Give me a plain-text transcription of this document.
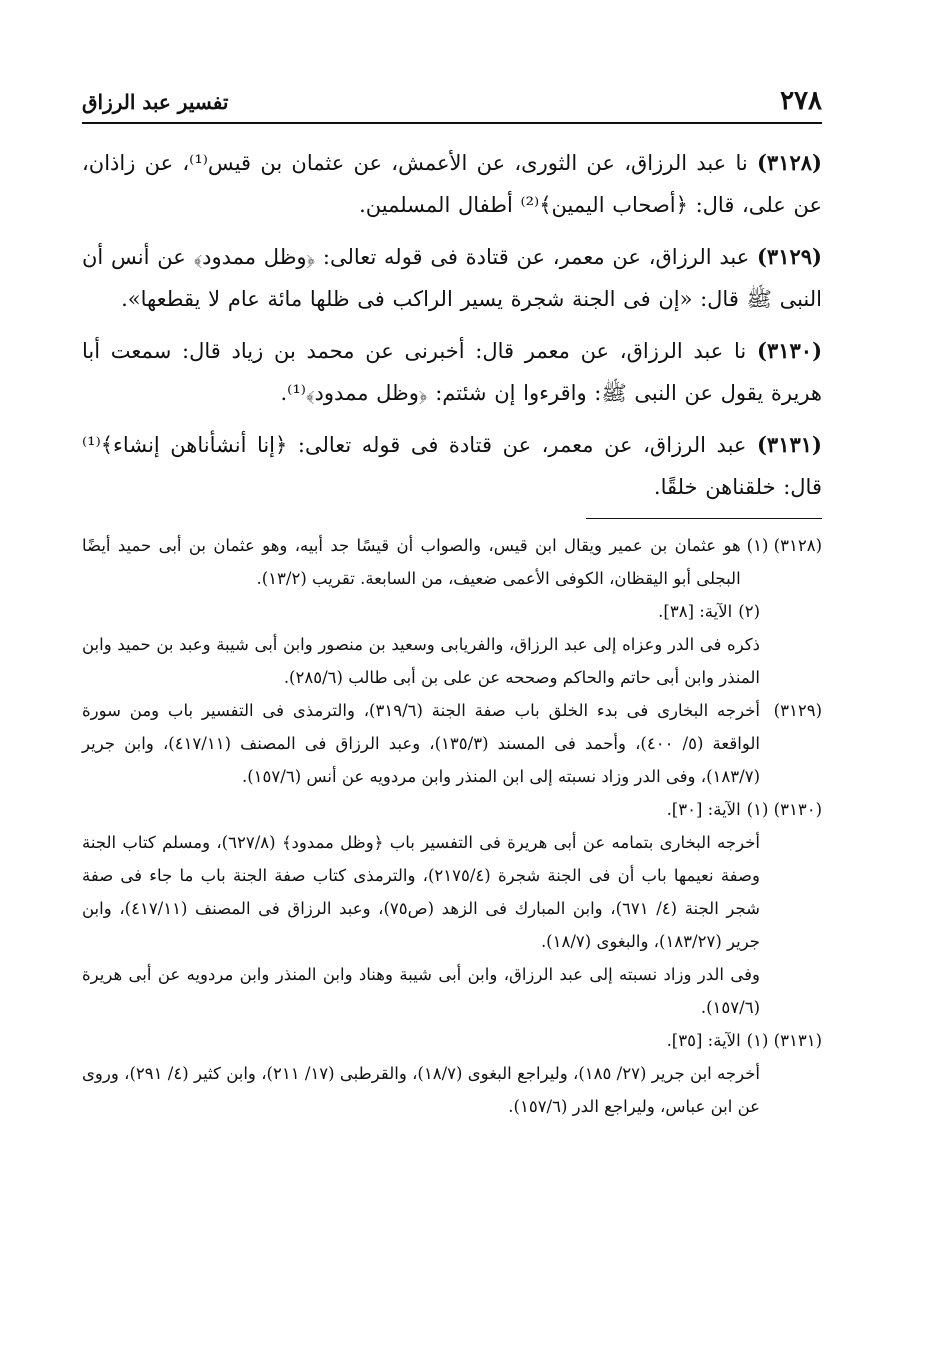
٢٧٨
تفسير عبد الرزاق

(٣١٢٨) نا عبد الرزاق، عن الثورى، عن الأعمش، عن عثمان بن قيس⁽¹⁾، عن زاذان، عن على، قال: ﴿أصحاب اليمين﴾⁽²⁾ أطفال المسلمين.

(٣١٢٩) عبد الرزاق، عن معمر، عن قتادة فى قوله تعالى: ﴿وظل ممدود﴾ عن أنس أن النبى ﷺ قال: «إن فى الجنة شجرة يسير الراكب فى ظلها مائة عام لا يقطعها».

(٣١٣٠) نا عبد الرزاق، عن معمر قال: أخبرنى عن محمد بن زياد قال: سمعت أبا هريرة يقول عن النبى ﷺ: واقرءوا إن شئتم: ﴿وظل ممدود﴾⁽¹⁾.

(٣١٣١) عبد الرزاق، عن معمر، عن قتادة فى قوله تعالى: ﴿إنا أنشأناهن إنشاء﴾⁽¹⁾ قال: خلقناهن خلقًا.

(٣١٢٨) (١)
هو عثمان بن عمير ويقال ابن قيس، والصواب أن قيسًا جد أبيه، وهو عثمان بن أبى حميد أيضًا البجلى أبو اليقظان، الكوفى الأعمى ضعيف، من السابعة. تقريب (١٣/٢).
(٢)
الآية: [٣٨].
ذكره فى الدر وعزاه إلى عبد الرزاق، والفريابى وسعيد بن منصور وابن أبى شيبة وعبد بن حميد وابن المنذر وابن أبى حاتم والحاكم وصححه عن على بن أبى طالب (٢٨٥/٦).
(٣١٢٩)
أخرجه البخارى فى بدء الخلق باب صفة الجنة (٣١٩/٦)، والترمذى فى التفسير باب ومن سورة الواقعة (٥/ ٤٠٠)، وأحمد فى المسند (١٣٥/٣)، وعبد الرزاق فى المصنف (٤١٧/١١)، وابن جرير (١٨٣/٧)، وفى الدر وزاد نسبته إلى ابن المنذر وابن مردويه عن أنس (١٥٧/٦).
(٣١٣٠) (١)
الآية: [٣٠].
أخرجه البخارى بتمامه عن أبى هريرة فى التفسير باب ﴿وظل ممدود﴾ (٦٢٧/٨)، ومسلم كتاب الجنة وصفة نعيمها باب أن فى الجنة شجرة (٢١٧٥/٤)، والترمذى كتاب صفة الجنة باب ما جاء فى صفة شجر الجنة (٤/ ٦٧١)، وابن المبارك فى الزهد (ص٧٥)، وعبد الرزاق فى المصنف (٤١٧/١١)، وابن جرير (١٨٣/٢٧)، والبغوى (١٨/٧).
وفى الدر وزاد نسبته إلى عبد الرزاق، وابن أبى شيبة وهناد وابن المنذر وابن مردويه عن أبى هريرة (١٥٧/٦).
(٣١٣١) (١)
الآية: [٣٥].
أخرجه ابن جرير (٢٧/ ١٨٥)، وليراجع البغوى (١٨/٧)، والقرطبى (١٧/ ٢١١)، وابن كثير (٤/ ٢٩١)، وروى عن ابن عباس، وليراجع الدر (١٥٧/٦).
